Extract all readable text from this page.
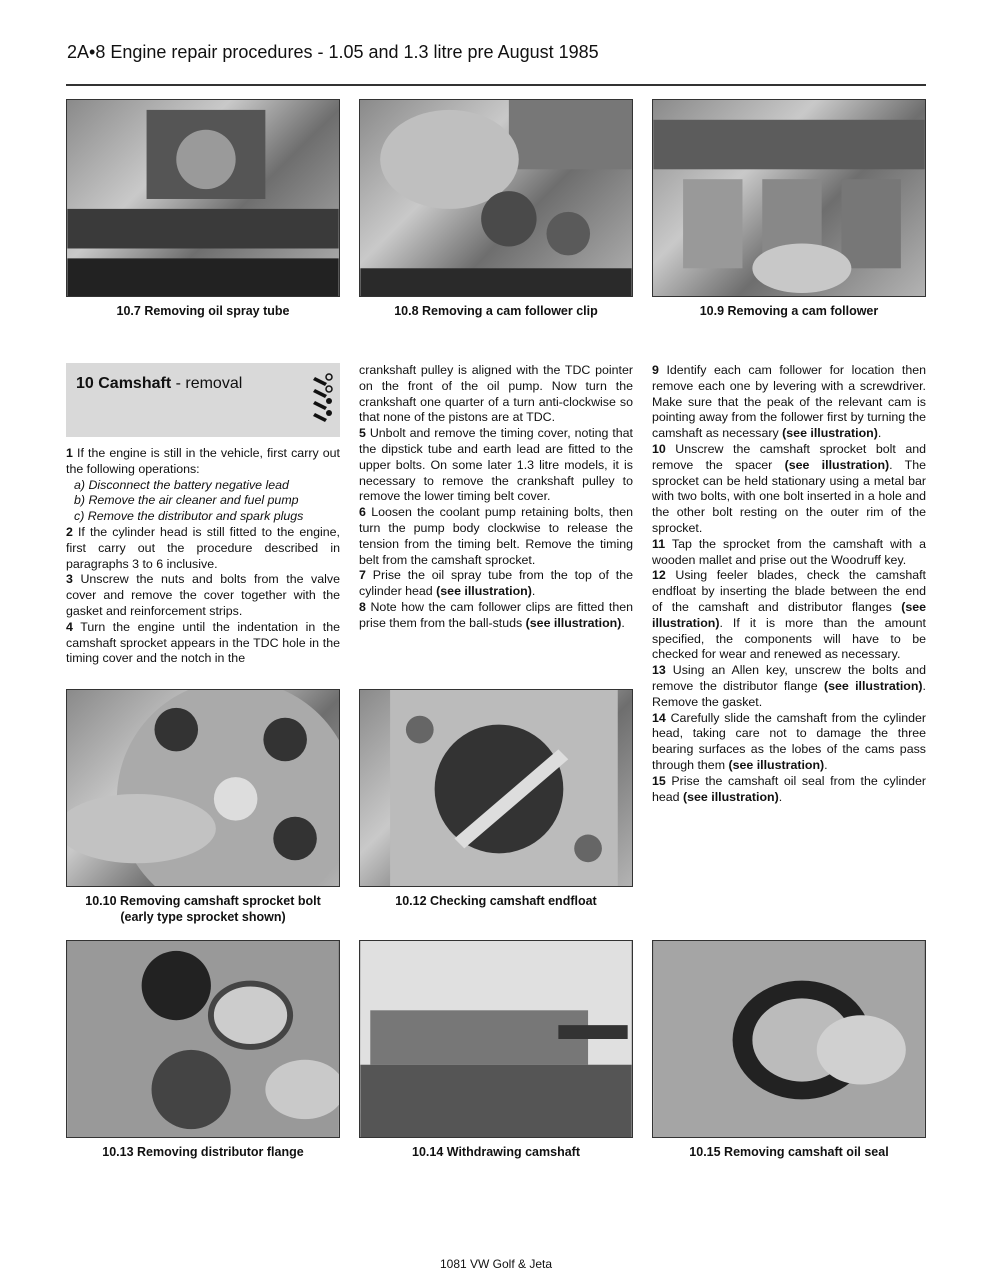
2A•8 Engine repair procedures - 1.05 and 1.3 litre pre August 1985
10.7 Removing oil spray tube	10.8 Removing a cam follower clip	10.9 Removing a cam follower
10 Camshaft - removal

1 If the engine is still in the vehicle, first carry out the following operations:

a) Disconnect the battery negative lead

b) Remove the air cleaner and fuel pump

c) Remove the distributor and spark plugs

2 If the cylinder head is still fitted to the engine, first carry out the procedure described in paragraphs 3 to 6 inclusive.

3 Unscrew the nuts and bolts from the valve cover and remove the cover together with the gasket and reinforcement strips.

4 Turn the engine until the indentation in the camshaft sprocket appears in the TDC hole in the timing cover and the notch in the

crankshaft pulley is aligned with the TDC pointer on the front of the oil pump. Now turn the crankshaft one quarter of a turn anti-clockwise so that none of the pistons are at TDC.

5 Unbolt and remove the timing cover, noting that the dipstick tube and earth lead are fitted to the upper bolts. On some later 1.3 litre models, it is necessary to remove the crankshaft pulley to remove the lower timing belt cover.

6 Loosen the coolant pump retaining bolts, then turn the pump body clockwise to release the tension from the timing belt. Remove the timing belt from the camshaft sprocket.

7 Prise the oil spray tube from the top of the cylinder head (see illustration).

8 Note how the cam follower clips are fitted then prise them from the ball-studs (see illustration).

9 Identify each cam follower for location then remove each one by levering with a screwdriver. Make sure that the peak of the relevant cam is pointing away from the follower first by turning the camshaft as necessary (see illustration).

10 Unscrew the camshaft sprocket bolt and remove the spacer (see illustration). The sprocket can be held stationary using a metal bar with two bolts, with one bolt inserted in a hole and the other bolt resting on the outer rim of the sprocket.

11 Tap the sprocket from the camshaft with a wooden mallet and prise out the Woodruff key.

12 Using feeler blades, check the camshaft endfloat by inserting the blade between the end of the camshaft and distributor flanges (see illustration). If it is more than the amount specified, the components will have to be checked for wear and renewed as necessary.

13 Using an Allen key, unscrew the bolts and remove the distributor flange (see illustration). Remove the gasket.

14 Carefully slide the camshaft from the cylinder head, taking care not to damage the three bearing surfaces as the lobes of the cams pass through them (see illustration).

15 Prise the camshaft oil seal from the cylinder head (see illustration).

10.10 Removing camshaft sprocket bolt
(early type sprocket shown)
10.12 Checking camshaft endfloat
10.13 Removing distributor flange	10.14 Withdrawing camshaft	10.15 Removing camshaft oil seal
1081 VW Golf & Jeta
